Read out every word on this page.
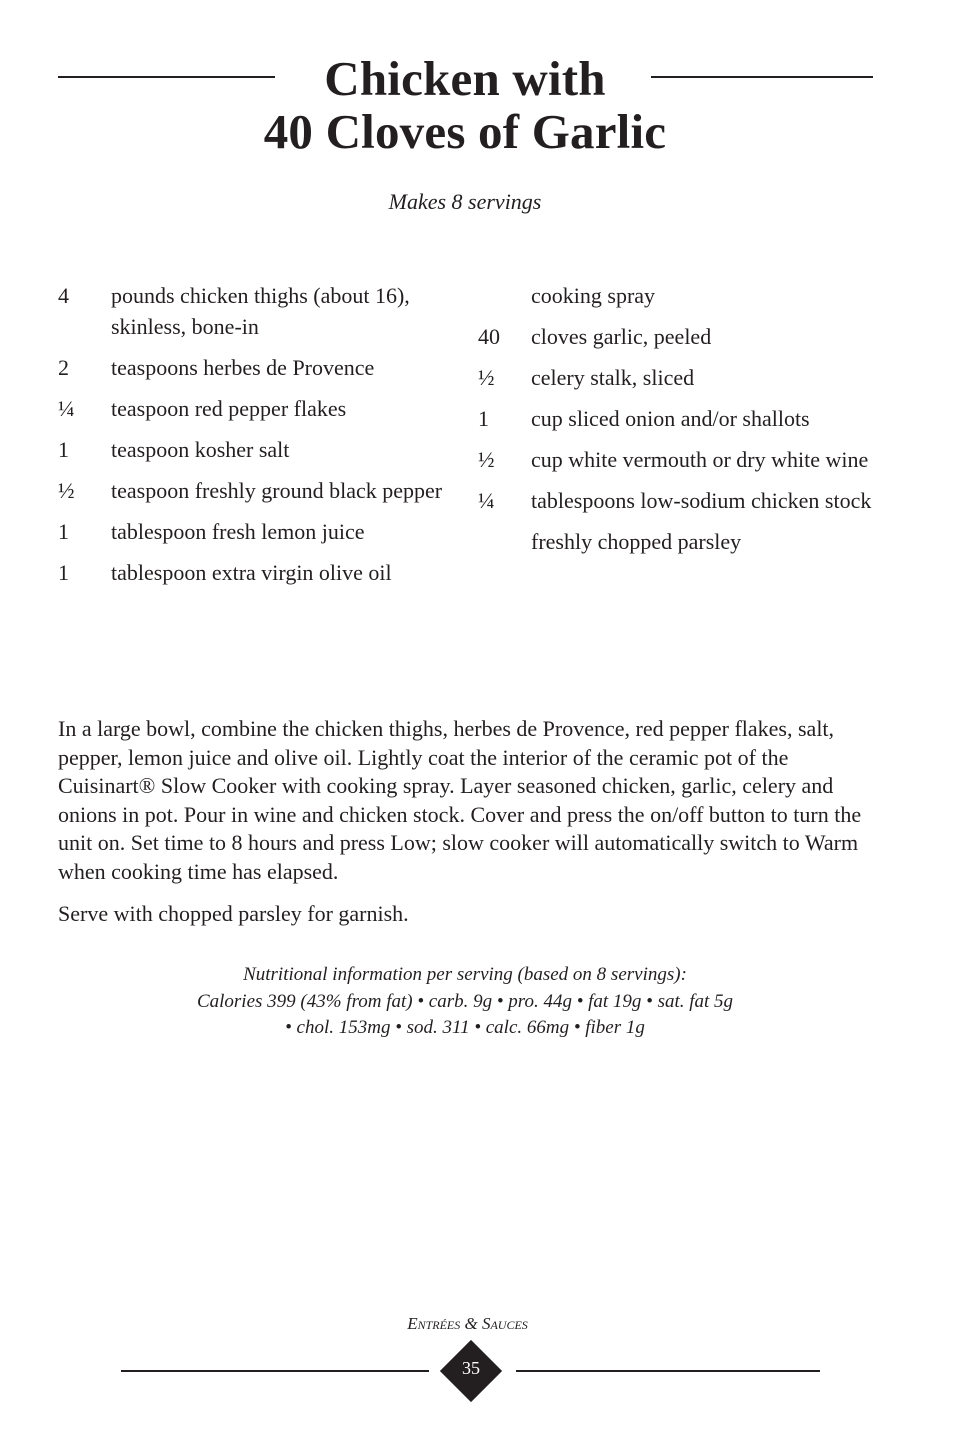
Chicken with
40 Cloves of Garlic
Makes 8 servings
4	pounds chicken thighs (about 16), skinless, bone-in
2	teaspoons herbes de Provence
¼	teaspoon red pepper flakes
1	teaspoon kosher salt
½	teaspoon freshly ground black pepper
1	tablespoon fresh lemon juice
1	tablespoon extra virgin olive oil
cooking spray
40	cloves garlic, peeled
½	celery stalk, sliced
1	cup sliced onion and/or shallots
½	cup white vermouth or dry white wine
¼	tablespoons low-sodium chicken stock
freshly chopped parsley

In a large bowl, combine the chicken thighs, herbes de Provence, red pepper flakes, salt, pepper, lemon juice and olive oil. Lightly coat the interior of the ceramic pot of the Cuisinart® Slow Cooker with cooking spray. Layer seasoned chicken, garlic, celery and onions in pot. Pour in wine and chicken stock. Cover and press the on/off button to turn the unit on. Set time to 8 hours and press Low; slow cooker will automatically switch to Warm when cooking time has elapsed.

Serve with chopped parsley for garnish.

Nutritional information per serving (based on 8 servings):
Calories 399 (43% from fat) • carb. 9g • pro. 44g • fat 19g • sat. fat 5g
• chol. 153mg • sod. 311 • calc. 66mg • fiber 1g
Entrées & Sauces
35
